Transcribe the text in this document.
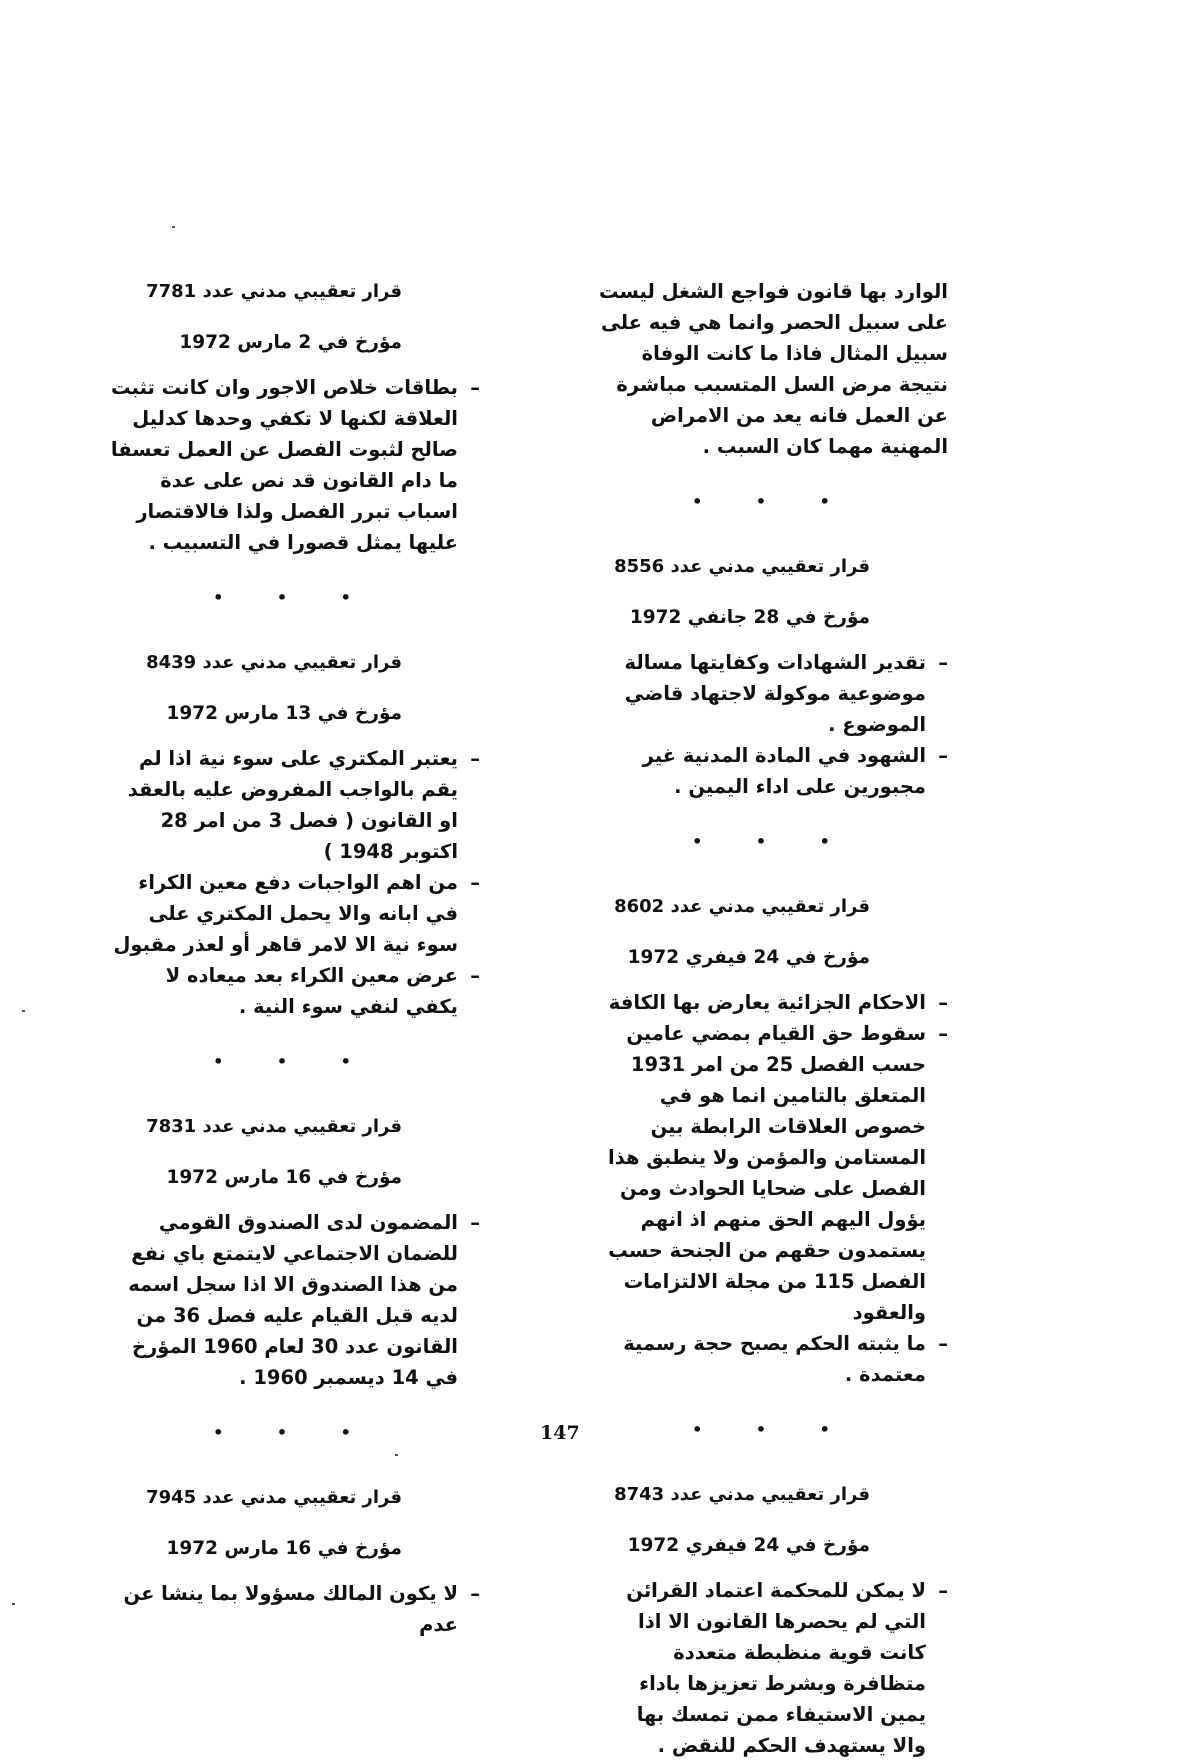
الوارد بها قانون فواجع الشغل ليست على سبيل الحصر وانما هي فيه على سبيل المثال فاذا ما كانت الوفاة نتيجة مرض السل المتسبب مباشرة عن العمل فانه يعد من الامراض المهنية مهما كان السبب .

• • •
قرار تعقيبي مدني عدد 8556
مؤرخ في 28 جانفي 1972
– تقدير الشهادات وكفايتها مسالة موضوعية موكولة لاجتهاد قاضي الموضوع .
– الشهود في المادة المدنية غير مجبورين على اداء اليمين .
• • •
قرار تعقيبي مدني عدد 8602
مؤرخ في 24 فيفري 1972
– الاحكام الجزائية يعارض بها الكافة
– سقوط حق القيام بمضي عامين حسب الفصل 25 من امر 1931 المتعلق بالتامين انما هو في خصوص العلاقات الرابطة بين المستامن والمؤمن ولا ينطبق هذا الفصل على ضحايا الحوادث ومن يؤول اليهم الحق منهم اذ انهم يستمدون حقهم من الجنحة حسب الفصل 115 من مجلة الالتزامات والعقود
– ما يثبته الحكم يصبح حجة رسمية معتمدة .
• • •
قرار تعقيبي مدني عدد 8743
مؤرخ في 24 فيفري 1972
– لا يمكن للمحكمة اعتماد القرائن التي لم يحصرها القانون الا اذا كانت قوية منظبطة متعددة متظافرة وبشرط تعزيزها باداء يمين الاستيفاء ممن تمسك بها والا يستهدف الحكم للنقض .
قرار تعقيبي مدني عدد 7781
مؤرخ في 2 مارس 1972
– بطاقات خلاص الاجور وان كانت تثبت العلاقة لكنها لا تكفي وحدها كدليل صالح لثبوت الفصل عن العمل تعسفا ما دام القانون قد نص على عدة اسباب تبرر الفصل ولذا فالاقتصار عليها يمثل قصورا في التسبيب .
• • •
قرار تعقيبي مدني عدد 8439
مؤرخ في 13 مارس 1972
– يعتبر المكتري على سوء نية اذا لم يقم بالواجب المفروض عليه بالعقد او القانون ( فصل 3 من امر 28 اكتوبر 1948 )
– من اهم الواجبات دفع معين الكراء في ابانه والا يحمل المكتري على سوء نية الا لامر قاهر أو لعذر مقبول
– عرض معين الكراء بعد ميعاده لا يكفي لنفي سوء النية .
• • •
قرار تعقيبي مدني عدد 7831
مؤرخ في 16 مارس 1972
– المضمون لدى الصندوق القومي للضمان الاجتماعي لايتمتع باي نفع من هذا الصندوق الا اذا سجل اسمه لديه قبل القيام عليه فصل 36 من القانون عدد 30 لعام 1960 المؤرخ في 14 ديسمبر 1960 .
• • •
قرار تعقيبي مدني عدد 7945
مؤرخ في 16 مارس 1972
– لا يكون المالك مسؤولا بما ينشا عن عدم
147
